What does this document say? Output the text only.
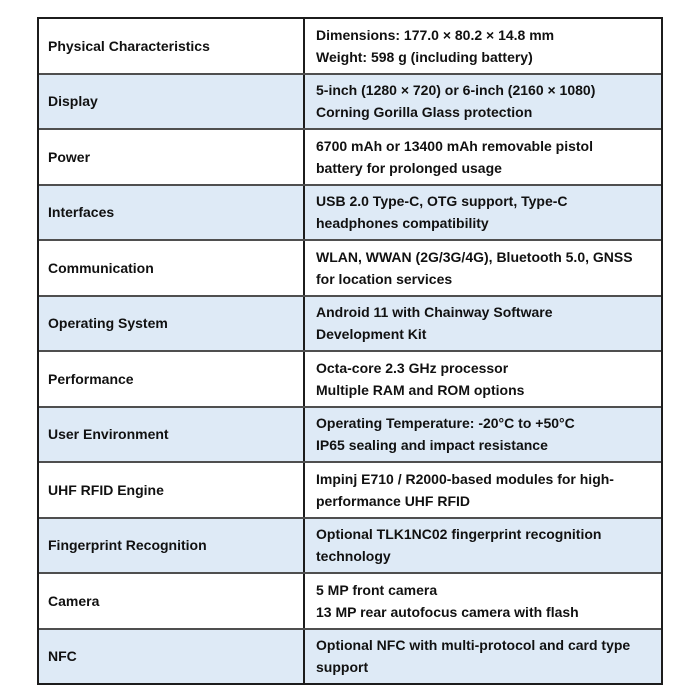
Physical Characteristics
Dimensions: 177.0 × 80.2 × 14.8 mm
Weight: 598 g (including battery)
Display
5-inch (1280 × 720) or 6-inch (2160 × 1080)
Corning Gorilla Glass protection
Power
6700 mAh or 13400 mAh removable pistol
battery for prolonged usage
Interfaces
USB 2.0 Type-C, OTG support, Type-C
headphones compatibility
Communication
WLAN, WWAN (2G/3G/4G), Bluetooth 5.0, GNSS
for location services
Operating System
Android 11 with Chainway Software
Development Kit
Performance
Octa-core 2.3 GHz processor
Multiple RAM and ROM options
User Environment
Operating Temperature: -20°C to +50°C
IP65 sealing and impact resistance
UHF RFID Engine
Impinj E710 / R2000-based modules for high-
performance UHF RFID
Fingerprint Recognition
Optional TLK1NC02 fingerprint recognition
technology
Camera
5 MP front camera
13 MP rear autofocus camera with flash
NFC
Optional NFC with multi-protocol and card type
support
